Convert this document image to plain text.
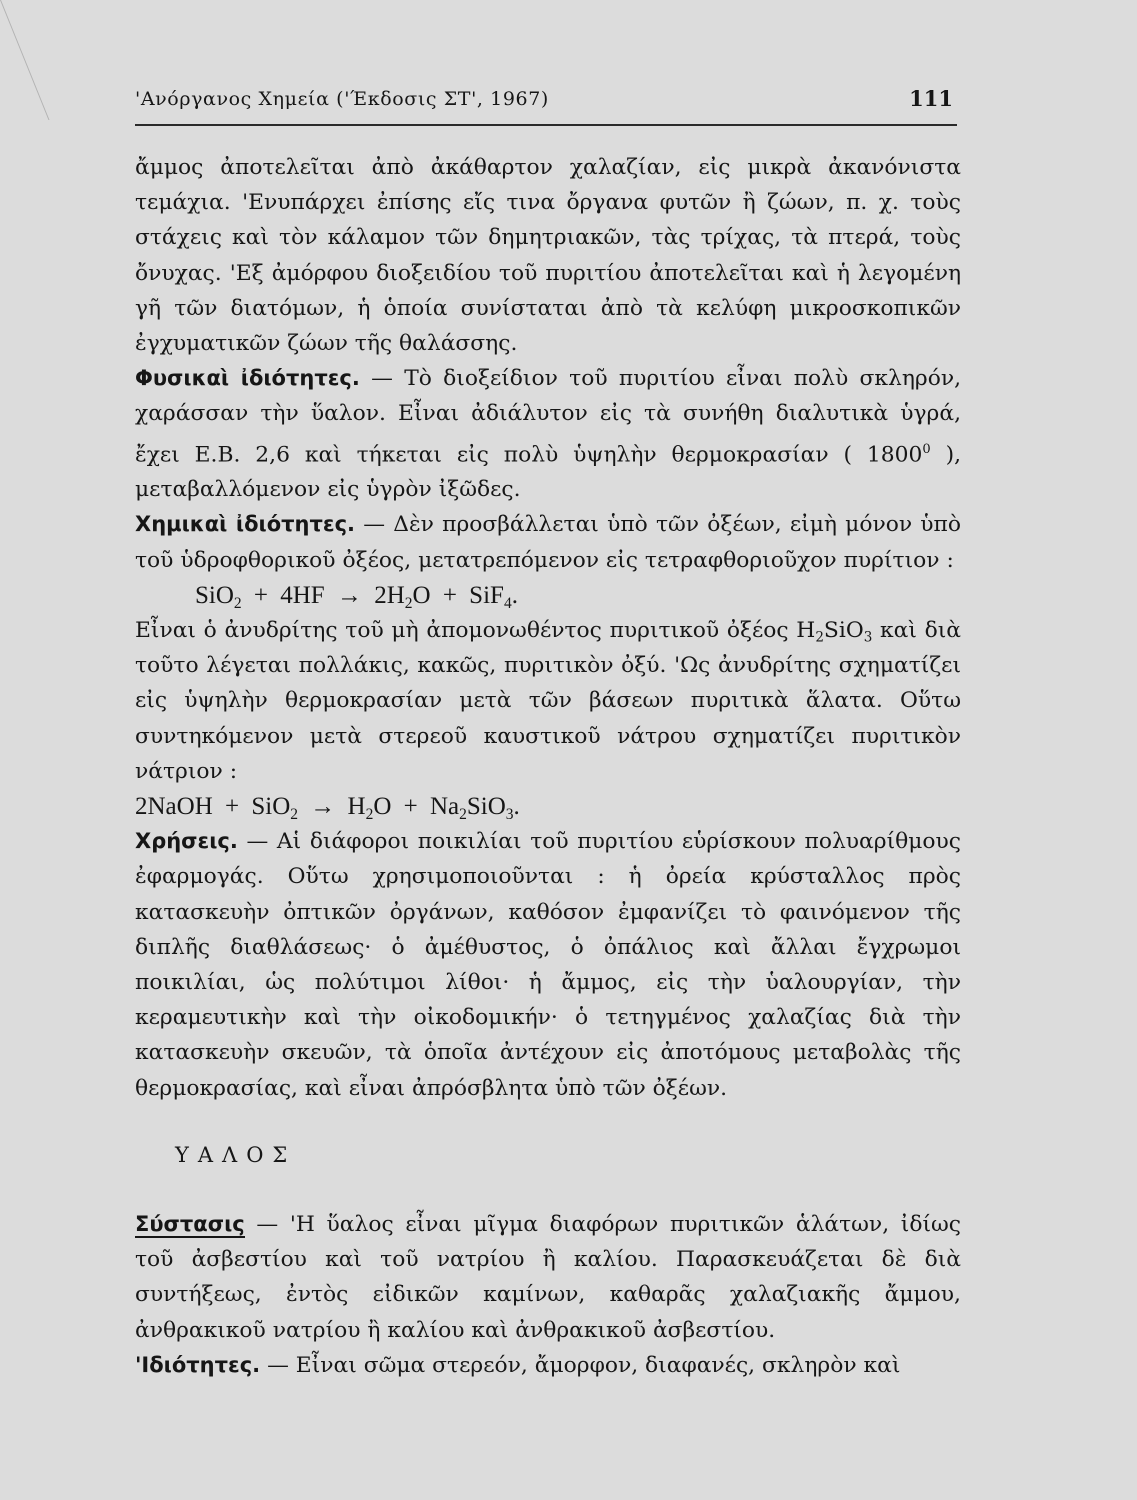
'Ανόργανος Χημεία ('Έκδοσις ΣΤ', 1967)	111

ἄμμος ἀποτελεῖται ἀπὸ ἀκάθαρτον χαλαζίαν, εἰς μικρὰ ἀκανόνιστα τεμάχια. 'Ενυπάρχει ἐπίσης εἴς τινα ὄργανα φυτῶν ἢ ζώων, π. χ. τοὺς στάχεις καὶ τὸν κάλαμον τῶν δημητριακῶν, τὰς τρίχας, τὰ πτερά, τοὺς ὄνυχας. 'Εξ ἀμόρφου διοξειδίου τοῦ πυριτίου ἀποτελεῖται καὶ ἡ λεγομένη γῆ τῶν διατόμων, ἡ ὁποία συνίσταται ἀπὸ τὰ κελύφη μικροσκοπικῶν ἐγχυματικῶν ζώων τῆς θαλάσσης.

Φυσικαὶ ἰδιότητες. — Τὸ διοξείδιον τοῦ πυριτίου εἶναι πολὺ σκληρόν, χαράσσαν τὴν ὕαλον. Εἶναι ἀδιάλυτον εἰς τὰ συνήθη διαλυτικὰ ὑγρά, ἔχει Ε.Β. 2,6 καὶ τήκεται εἰς πολὺ ὑψηλὴν θερμοκρασίαν ( 1800$^0$ ), μεταβαλλόμενον εἰς ὑγρὸν ἰξῶδες.

Χημικαὶ ἰδιότητες. — Δὲν προσβάλλεται ὑπὸ τῶν ὀξέων, εἰμὴ μόνον ὑπὸ τοῦ ὑδροφθορικοῦ ὀξέος, μετατρεπόμενον εἰς τετραφθοριοῦχον πυρίτιον :

$SiO_2 + 4HF \to 2H_2O + SiF_4$.

Εἶναι ὁ ἀνυδρίτης τοῦ μὴ ἀπομονωθέντος πυριτικοῦ ὀξέος $H_2SiO_3$ καὶ διὰ τοῦτο λέγεται πολλάκις, κακῶς, πυριτικὸν ὀξύ. 'Ως ἀνυδρίτης σχηματίζει εἰς ὑψηλὴν θερμοκρασίαν μετὰ τῶν βάσεων πυριτικὰ ἅλατα. Οὕτω συντηκόμενον μετὰ στερεοῦ καυστικοῦ νάτρου σχηματίζει πυριτικὸν νάτριον :

2NaOH + $SiO_2 \to H_2O + Na_2SiO_3$.

Χρήσεις. — Αἱ διάφοροι ποικιλίαι τοῦ πυριτίου εὑρίσκουν πολυαρίθμους ἐφαρμογάς. Οὕτω χρησιμοποιοῦνται : ἡ ὀρεία κρύσταλλος πρὸς κατασκευὴν ὀπτικῶν ὀργάνων, καθόσον ἐμφανίζει τὸ φαινόμενον τῆς διπλῆς διαθλάσεως· ὁ ἀμέθυστος, ὁ ὀπάλιος καὶ ἄλλαι ἔγχρωμοι ποικιλίαι, ὡς πολύτιμοι λίθοι· ἡ ἄμμος, εἰς τὴν ὑαλουργίαν, τὴν κεραμευτικὴν καὶ τὴν οἰκοδομικήν· ὁ τετηγμένος χαλαζίας διὰ τὴν κατασκευὴν σκευῶν, τὰ ὁποῖα ἀντέχουν εἰς ἀποτόμους μεταβολὰς τῆς θερμοκρασίας, καὶ εἶναι ἀπρόσβλητα ὑπὸ τῶν ὀξέων.

ΥΑΛΟΣ

Σύστασις — 'Η ὕαλος εἶναι μῖγμα διαφόρων πυριτικῶν ἁλάτων, ἰδίως τοῦ ἀσβεστίου καὶ τοῦ νατρίου ἢ καλίου. Παρασκευάζεται δὲ διὰ συντήξεως, ἐντὸς εἰδικῶν καμίνων, καθαρᾶς χαλαζιακῆς ἄμμου, ἀνθρακικοῦ νατρίου ἢ καλίου καὶ ἀνθρακικοῦ ἀσβεστίου.

'Ιδιότητες. — Εἶναι σῶμα στερεόν, ἄμορφον, διαφανές, σκληρὸν καὶ
